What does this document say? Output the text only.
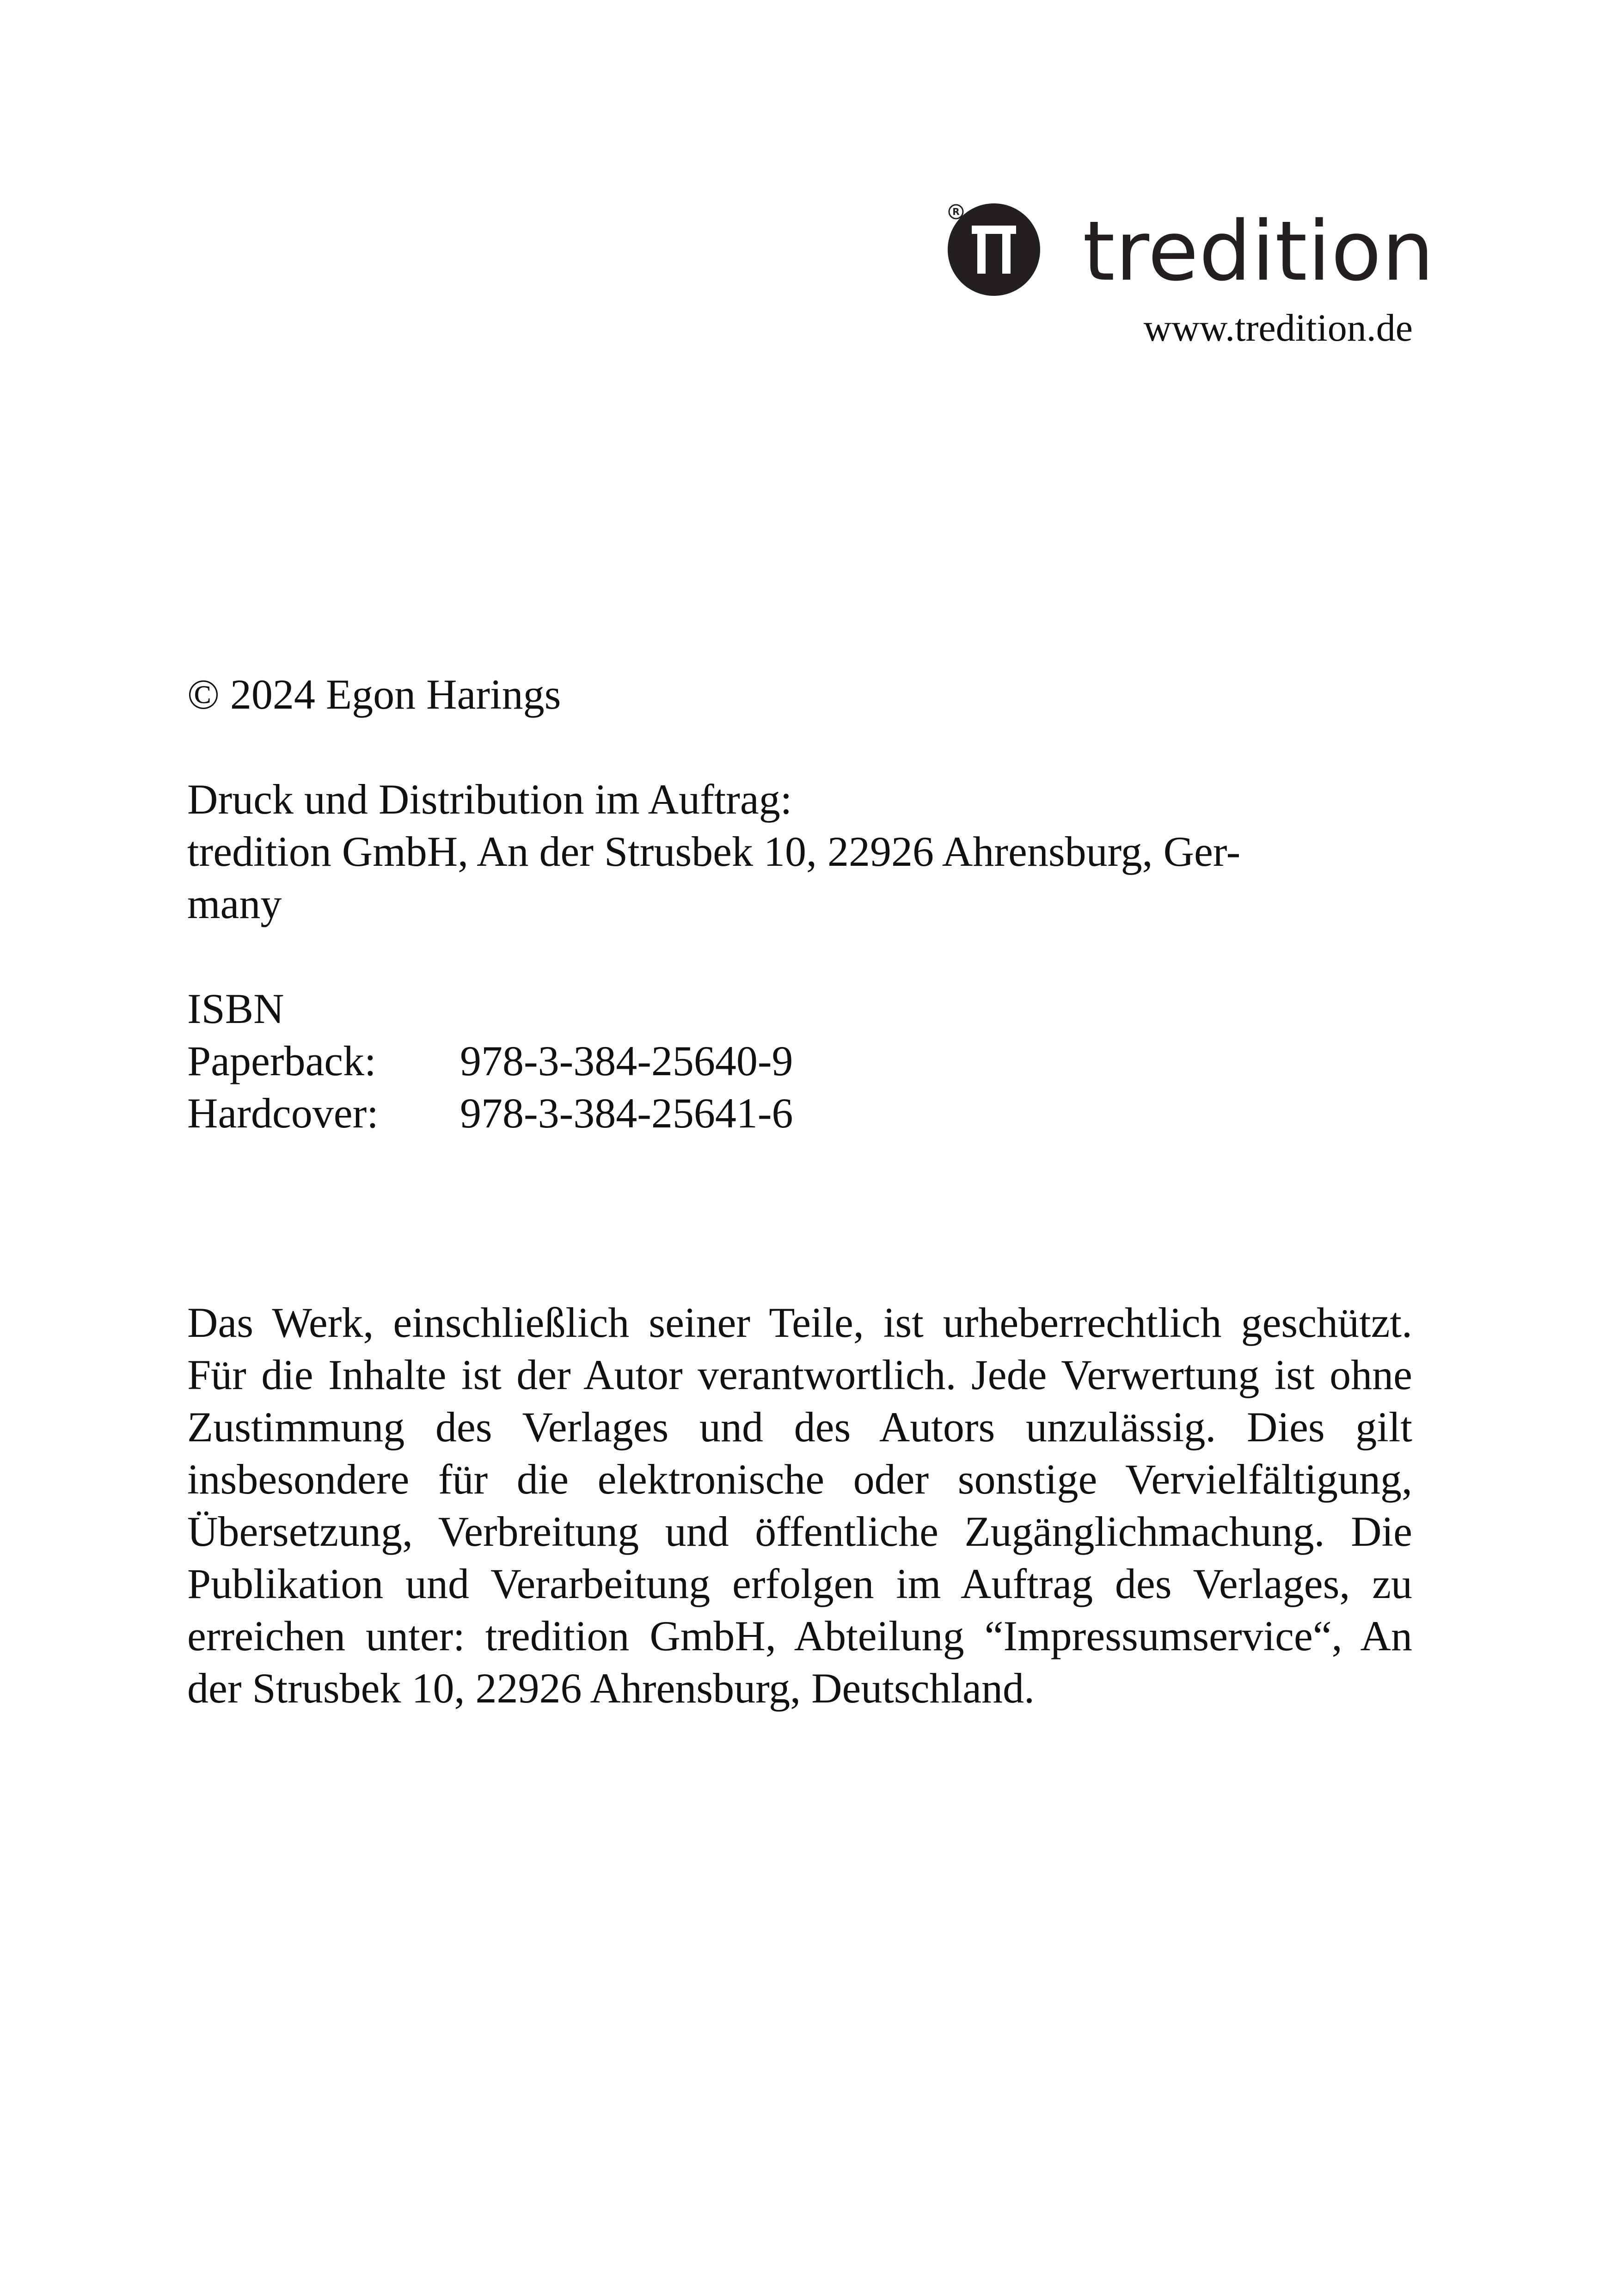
tredition
R
www.tredition.de
© 2024 Egon Harings
Druck und Distribution im Auftrag:
tredition GmbH, An der Strusbek 10, 22926 Ahrensburg, Ger-
many
ISBN
Paperback: 978-3-384-25640-9
Hardcover: 978-3-384-25641-6
Das Werk, einschließlich seiner Teile, ist urheberrechtlich geschützt. Für die Inhalte ist der Autor verantwortlich. Jede Verwertung ist ohne Zustimmung des Verlages und des Autors unzulässig. Dies gilt insbesondere für die elektronische oder sonstige Vervielfältigung, Übersetzung, Verbreitung und öffentliche Zugänglichmachung. Die Publikation und Verarbeitung erfolgen im Auftrag des Verlages, zu erreichen unter: tredition GmbH, Abteilung “Impressumservice“, An der Strusbek 10, 22926 Ahrensburg, Deutschland.
